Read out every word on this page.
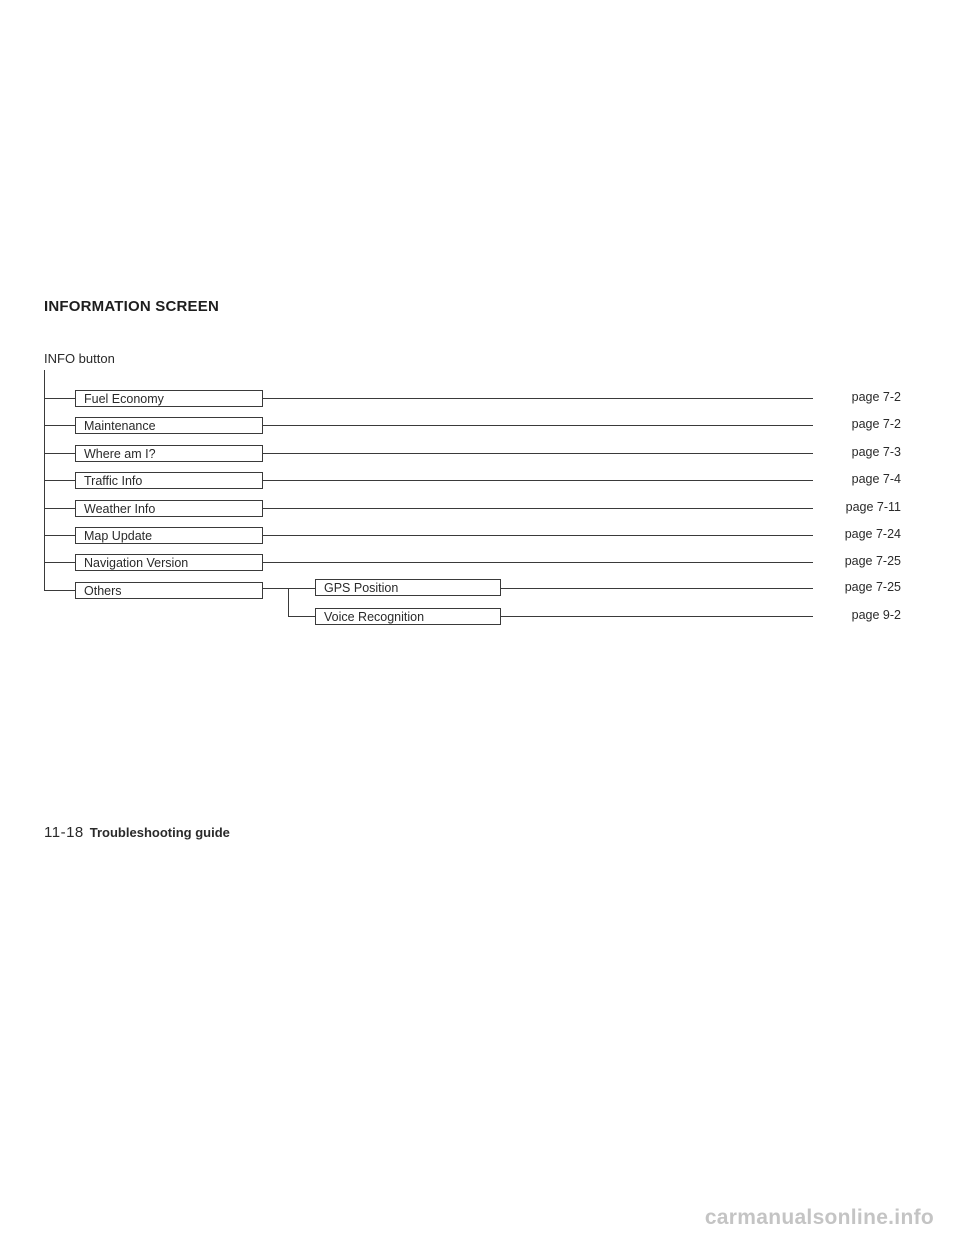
INFORMATION SCREEN
INFO button
Fuel Economy	page 7-2
Maintenance	page 7-2
Where am I?	page 7-3
Traffic Info	page 7-4
Weather Info	page 7-11
Map Update	page 7-24
Navigation Version	page 7-25
Others	GPS Position	page 7-25
Voice Recognition	page 9-2
11-18 Troubleshooting guide
carmanualsonline.info
